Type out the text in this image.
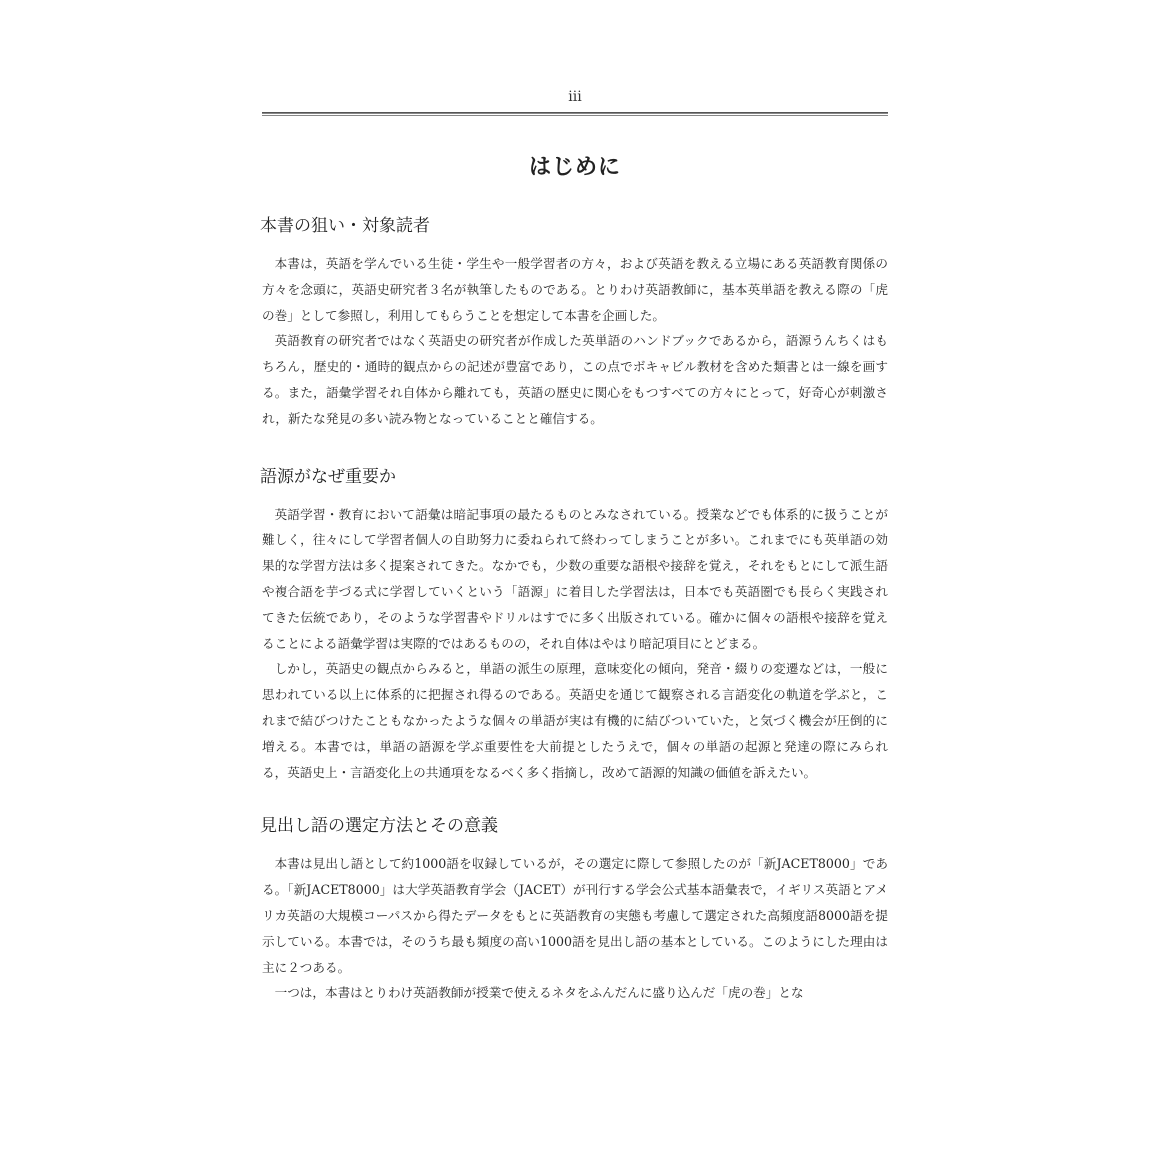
iii
はじめに
本書の狙い・対象読者

本書は，英語を学んでいる生徒・学生や一般学習者の方々，および英語を教える立場にある英語教育関係の方々を念頭に，英語史研究者３名が執筆したものである。とりわけ英語教師に，基本英単語を教える際の「虎の巻」として参照し，利用してもらうことを想定して本書を企画した。

英語教育の研究者ではなく英語史の研究者が作成した英単語のハンドブックであるから，語源うんちくはもちろん，歴史的・通時的観点からの記述が豊富であり，この点でボキャビル教材を含めた類書とは一線を画する。また，語彙学習それ自体から離れても，英語の歴史に関心をもつすべての方々にとって，好奇心が刺激され，新たな発見の多い読み物となっていることと確信する。

語源がなぜ重要か

英語学習・教育において語彙は暗記事項の最たるものとみなされている。授業などでも体系的に扱うことが難しく，往々にして学習者個人の自助努力に委ねられて終わってしまうことが多い。これまでにも英単語の効果的な学習方法は多く提案されてきた。なかでも，少数の重要な語根や接辞を覚え，それをもとにして派生語や複合語を芋づる式に学習していくという「語源」に着目した学習法は，日本でも英語圏でも長らく実践されてきた伝統であり，そのような学習書やドリルはすでに多く出版されている。確かに個々の語根や接辞を覚えることによる語彙学習は実際的ではあるものの，それ自体はやはり暗記項目にとどまる。

しかし，英語史の観点からみると，単語の派生の原理，意味変化の傾向，発音・綴りの変遷などは，一般に思われている以上に体系的に把握され得るのである。英語史を通じて観察される言語変化の軌道を学ぶと，これまで結びつけたこともなかったような個々の単語が実は有機的に結びついていた，と気づく機会が圧倒的に増える。本書では，単語の語源を学ぶ重要性を大前提としたうえで，個々の単語の起源と発達の際にみられる，英語史上・言語変化上の共通項をなるべく多く指摘し，改めて語源的知識の価値を訴えたい。

見出し語の選定方法とその意義

本書は見出し語として約1000語を収録しているが，その選定に際して参照したのが「新JACET8000」である。「新JACET8000」は大学英語教育学会（JACET）が刊行する学会公式基本語彙表で，イギリス英語とアメリカ英語の大規模コーパスから得たデータをもとに英語教育の実態も考慮して選定された高頻度語8000語を提示している。本書では，そのうち最も頻度の高い1000語を見出し語の基本としている。このようにした理由は主に２つある。

一つは，本書はとりわけ英語教師が授業で使えるネタをふんだんに盛り込んだ「虎の巻」とな
